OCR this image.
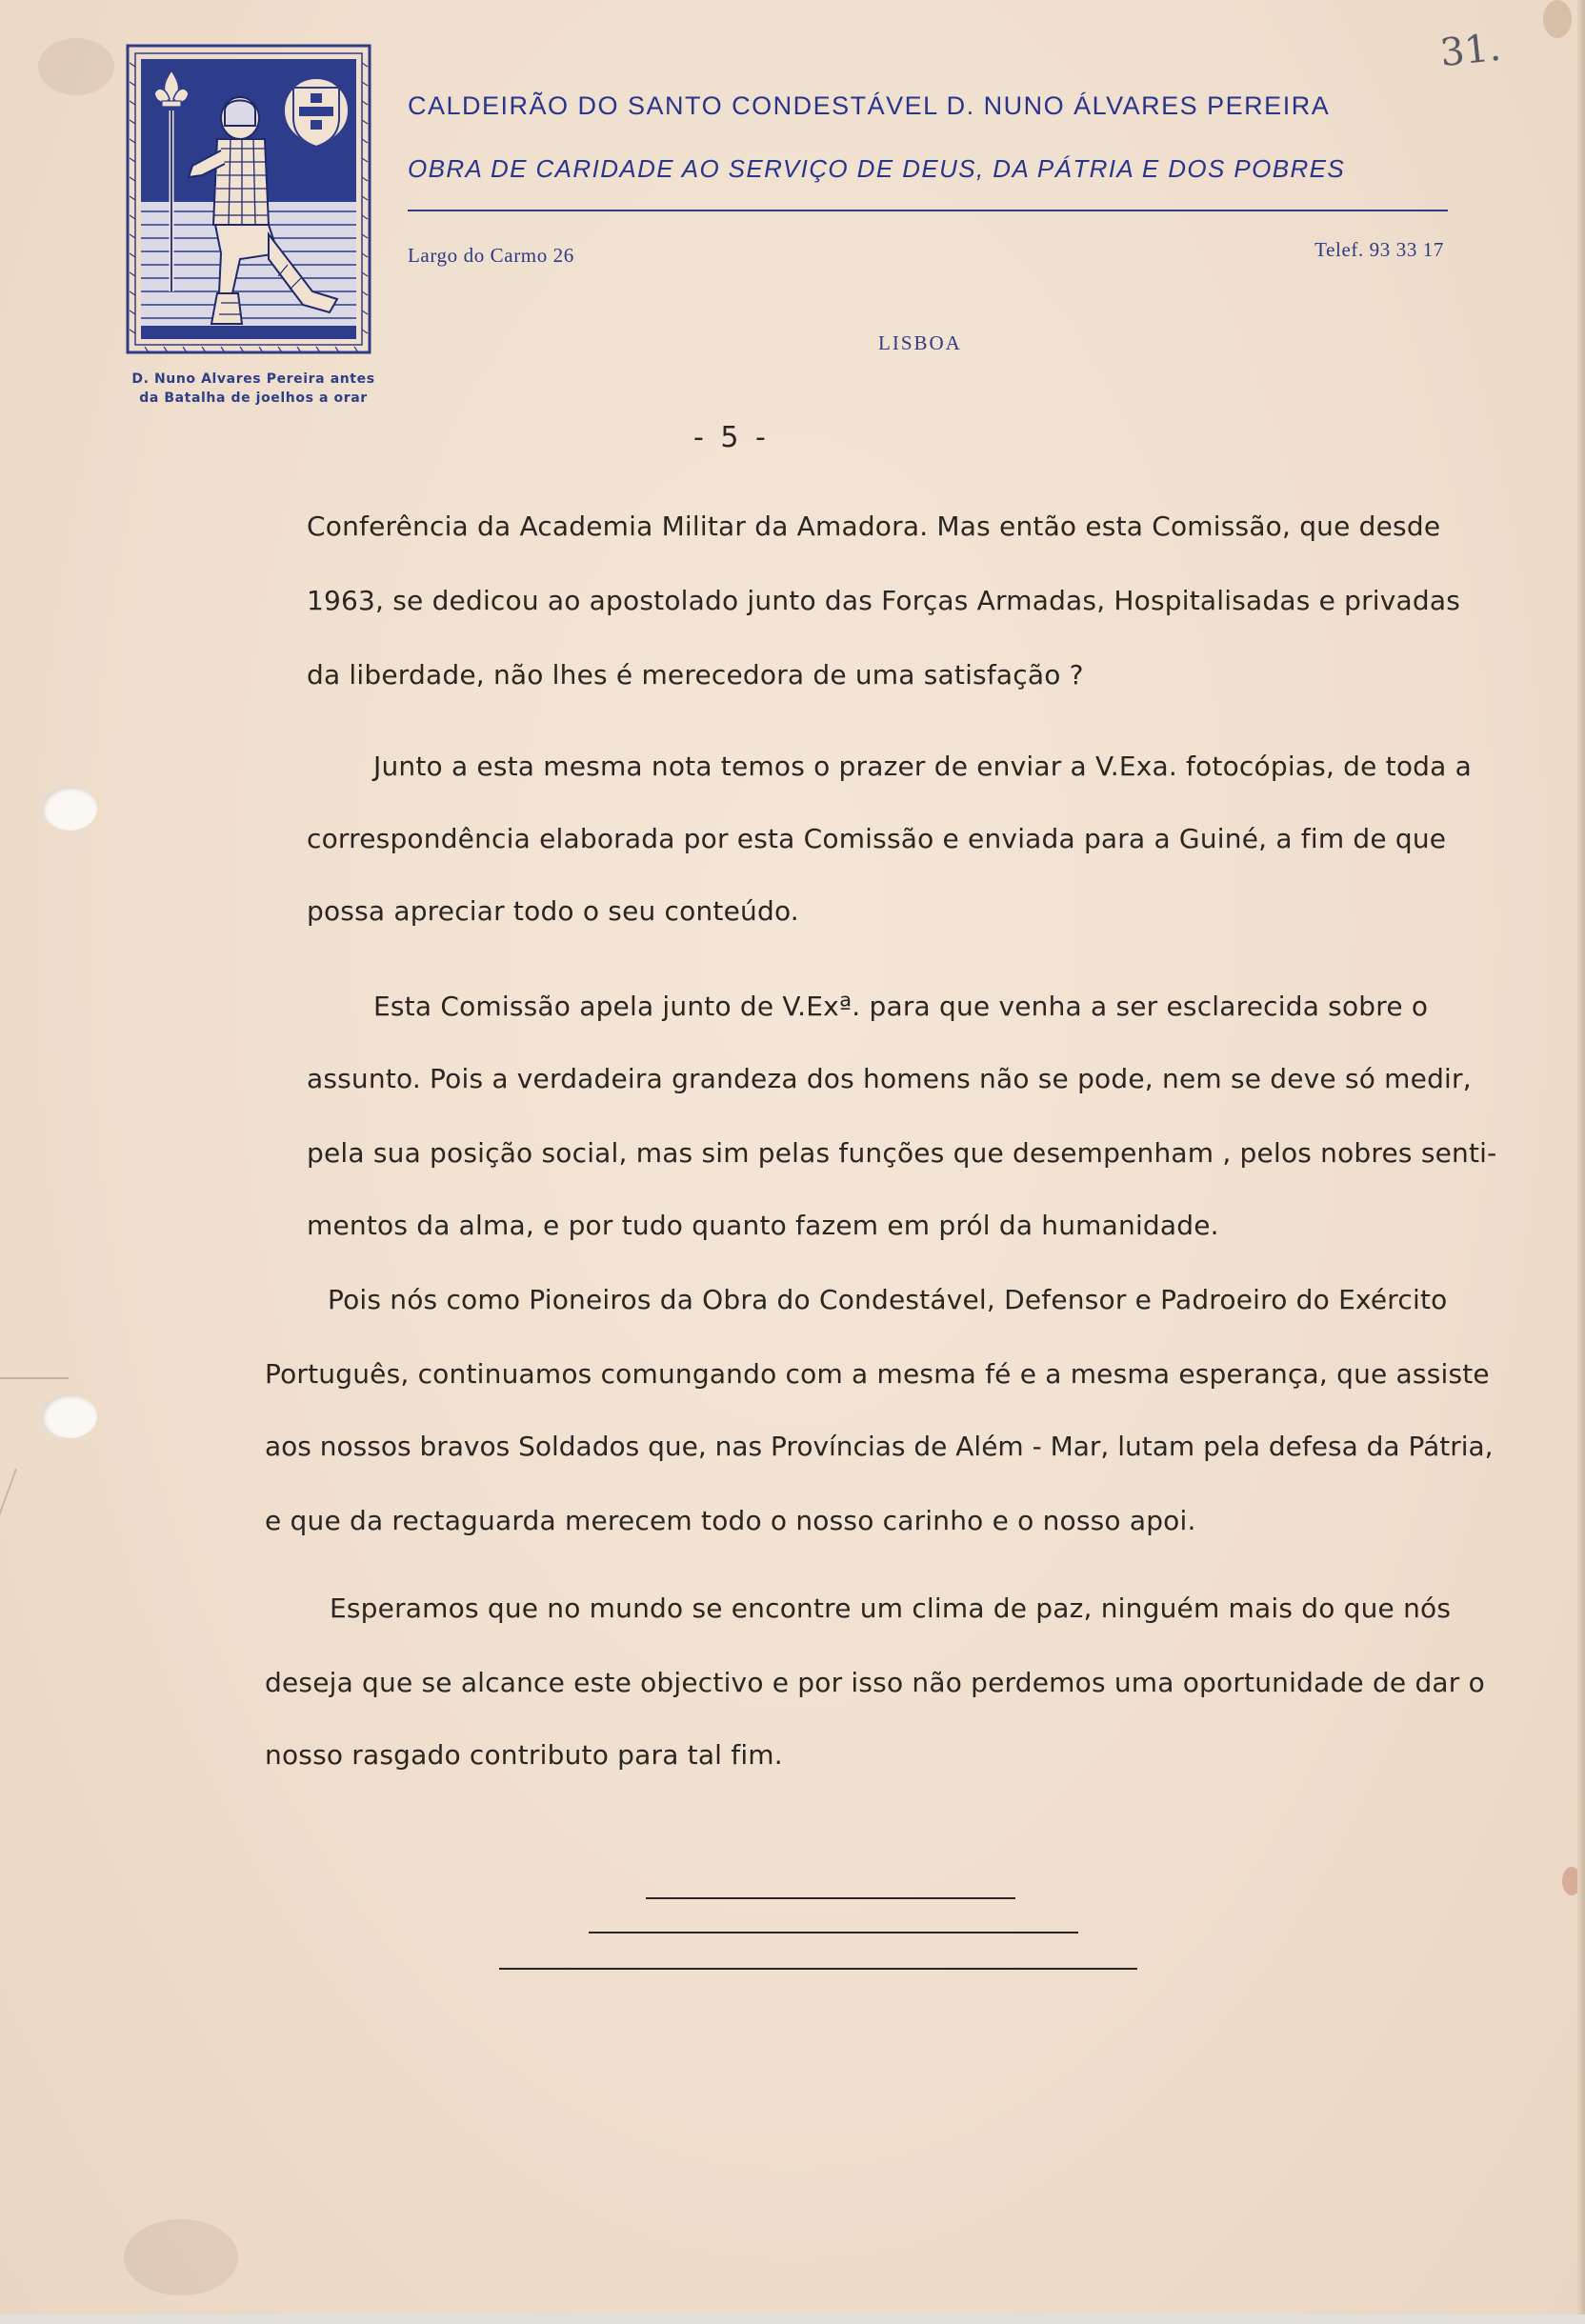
31.
D. Nuno Alvares Pereira antes
da Batalha de joelhos a orar
CALDEIRÃO DO SANTO CONDESTÁVEL D. NUNO ÁLVARES PEREIRA
OBRA DE CARIDADE AO SERVIÇO DE DEUS, DA PÁTRIA E DOS POBRES
Largo do Carmo 26	Telef. 93 33 17
LISBOA
- 5 -
Conferência da Academia Militar da Amadora. Mas então esta Comissão, que desde
1963, se dedicou ao apostolado junto das Forças Armadas, Hospitalisadas e privadas
da liberdade, não lhes é merecedora de uma satisfação ?
Junto a esta mesma nota temos o prazer de enviar a V.Exa. fotocópias, de toda a
correspondência elaborada por esta Comissão e enviada para a Guiné, a fim de que
possa apreciar todo o seu conteúdo.
Esta Comissão apela junto de V.Exª. para que venha a ser esclarecida sobre o
assunto. Pois a verdadeira grandeza dos homens não se pode, nem se deve só medir,
pela sua posição social, mas sim pelas funções que desempenham , pelos nobres senti-
mentos da alma, e por tudo quanto fazem em pról da humanidade.
Pois nós como Pioneiros da Obra do Condestável, Defensor e Padroeiro do Exército
Português, continuamos comungando com a mesma fé e a mesma esperança, que assiste
aos nossos bravos Soldados que, nas Províncias de Além - Mar, lutam pela defesa da Pátria,
e que da rectaguarda merecem todo o nosso carinho e o nosso apoi.
Esperamos que no mundo se encontre um clima de paz, ninguém mais do que nós
deseja que se alcance este objectivo e por isso não perdemos uma oportunidade de dar o
nosso rasgado contributo para tal fim.
